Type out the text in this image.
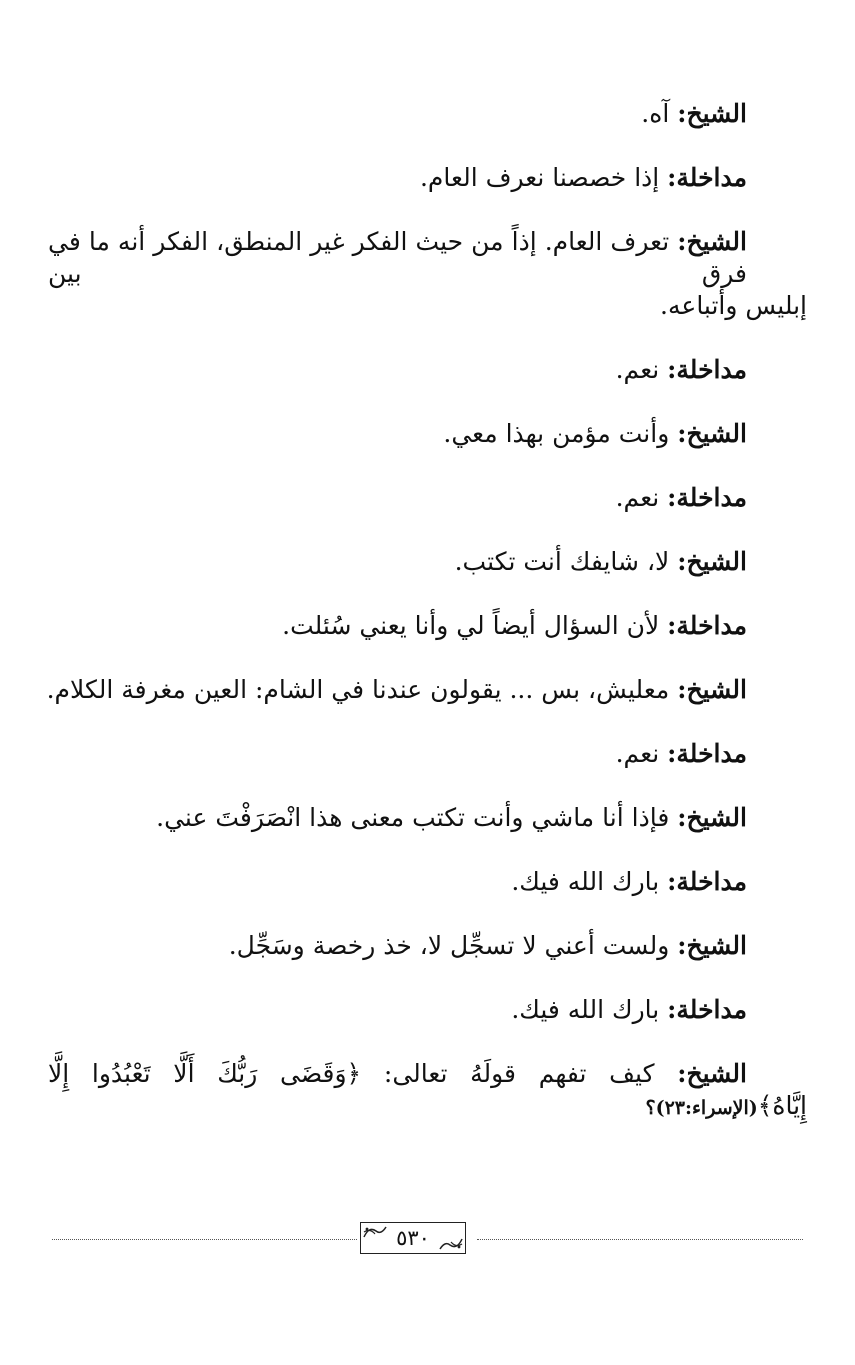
الشيخ: آه.
مداخلة: إذا خصصنا نعرف العام.
الشيخ: تعرف العام. إذاً من حيث الفكر غير المنطق، الفكر أنه ما في فرق بين
إبليس وأتباعه.
مداخلة: نعم.
الشيخ: وأنت مؤمن بهذا معي.
مداخلة: نعم.
الشيخ: لا، شايفك أنت تكتب.
مداخلة: لأن السؤال أيضاً لي وأنا يعني سُئلت.
الشيخ: معليش، بس ... يقولون عندنا في الشام: العين مغرفة الكلام.
مداخلة: نعم.
الشيخ: فإذا أنا ماشي وأنت تكتب معنى هذا انْصَرَفْتَ عني.
مداخلة: بارك الله فيك.
الشيخ: ولست أعني لا تسجِّل لا، خذ رخصة وسَجِّل.
مداخلة: بارك الله فيك.
الشيخ: كيف تفهم قولَهُ تعالى: ﴿وَقَضَى رَبُّكَ أَلَّا تَعْبُدُوا إِلَّا
إِيَّاهُ﴾(الإسراء:٢٣)؟
٥٣٠
